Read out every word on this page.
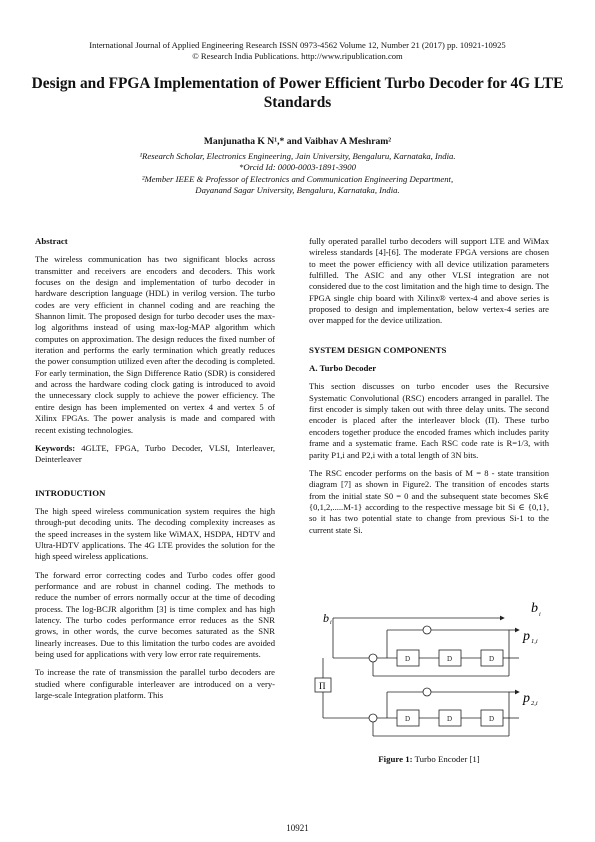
International Journal of Applied Engineering Research ISSN 0973-4562 Volume 12, Number 21 (2017) pp. 10921-10925
© Research India Publications. http://www.ripublication.com
Design and FPGA Implementation of Power Efficient Turbo Decoder for 4G LTE Standards
Manjunatha K N¹,* and Vaibhav A Meshram²
¹Research Scholar, Electronics Engineering, Jain University, Bengaluru, Karnataka, India.
*Orcid Id: 0000-0003-1891-3900
²Member IEEE & Professor of Electronics and Communication Engineering Department,
Dayanand Sagar University, Bengaluru, Karnataka, India.
Abstract

The wireless communication has two significant blocks across transmitter and receivers are encoders and decoders. This work focuses on the design and implementation of turbo decoder in hardware description language (HDL) in verilog version. The turbo codes are very efficient in channel coding and are reaching the Shannon limit. The proposed design for turbo decoder uses the max-log algorithms instead of using max-log-MAP algorithm which computes on approximation. The design reduces the fixed number of iteration and performs the early termination which greatly reduces the power consumption utilized even after the decoding is completed. For early termination, the Sign Difference Ratio (SDR) is considered and across the hardware coding clock gating is introduced to avoid the unnecessary clock supply to achieve the power efficiency. The entire design has been implemented on vertex 4 and vertex 5 of Xilinx FPGAs. The power analysis is made and compared with recent existing technologies.

Keywords: 4GLTE, FPGA, Turbo Decoder, VLSI, Interleaver, Deinterleaver

INTRODUCTION

The high speed wireless communication system requires the high through-put decoding units. The decoding complexity increases as the speed increases in the system like WiMAX, HSDPA, HDTV and Ultra-HDTV applications. The 4G LTE provides the solution for the high speed wireless applications.

The forward error correcting codes and Turbo codes offer good performance and are robust in channel coding. The methods to reduce the number of errors normally occur at the time of decoding process. The log-BCJR algorithm [3] is time complex and has high latency. The turbo codes performance error reduces as the SNR grows, in other words, the curve becomes saturated as the SNR linearly increases. Due to this limitation the turbo codes are avoided being used for applications with very low error rate requirements.

To increase the rate of transmission the parallel turbo decoders are studied where configurable interleaver are introduced on a very- large-scale Integration platform. This

fully operated parallel turbo decoders will support LTE and WiMax wireless standards [4]-[6]. The moderate FPGA versions are chosen to meet the power efficiency with all device utilization parameters fulfilled. The ASIC and any other VLSI integration are not considered due to the cost limitation and the high time to design. The FPGA single chip board with Xilinx® vertex-4 and above series is proposed to design and implementation, below vertex-4 series are over mapped for the device utilization.

SYSTEM DESIGN COMPONENTS
A. Turbo Decoder

This section discusses on turbo encoder uses the Recursive Systematic Convolutional (RSC) encoders arranged in parallel. The first encoder is simply taken out with three delay units. The second encoder is placed after the interleaver block (Π). These turbo encoders together produce the encoded frames which includes parity frame and a systematic frame. Each RSC code rate is R=1/3, with parity P1,i and P2,i with a total length of 3N bits.

The RSC encoder performs on the basis of M = 8 - state transition diagram [7] as shown in Figure2. The transition of encodes starts from the initial state S0 = 0 and the subsequent state becomes Sk∈ {0,1,2,.....M-1} according to the respective message bit Si ∈ {0,1}, so it has two potential state to change from previous Si-1 to the current state Si.

D	D	D
D	D	D
Π
b i
b i
p 1,i
p 2,i
Figure 1: Turbo Encoder [1]
10921
